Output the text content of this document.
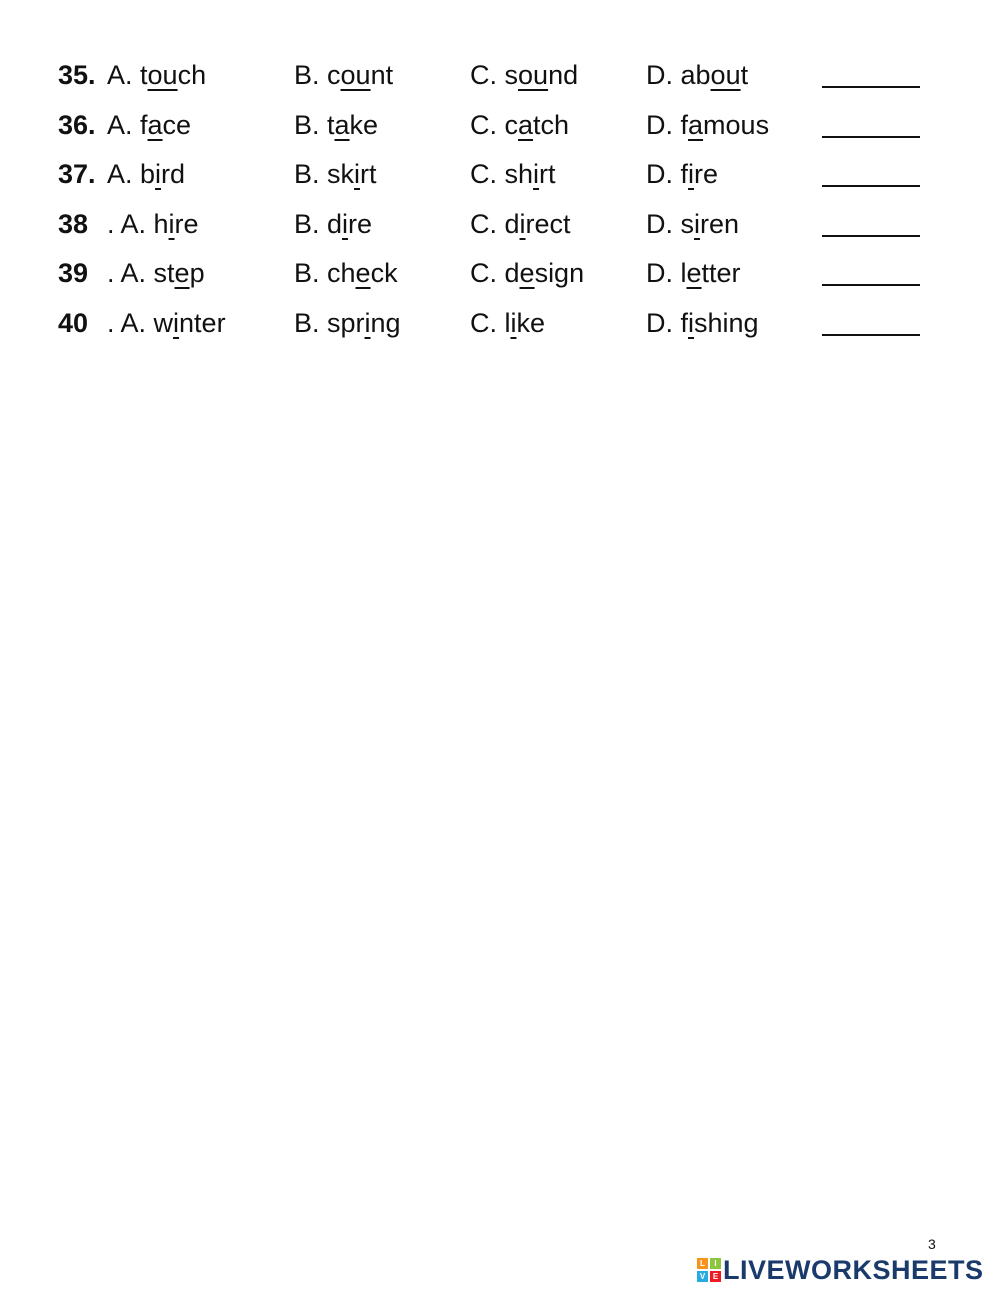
35. A. touch	B. count	C. sound	D. about
36. A. face	B. take	C. catch	D. famous
37. A. bird	B. skirt	C. shirt	D. fire
38 . A. hire	B. dire	C. direct	D. siren
39 . A. step	B. check	C. design D. letter
40 . A. winter	B. spring	C. like	D. fishing
3
L	I
V E LIVEWORKSHEETS
